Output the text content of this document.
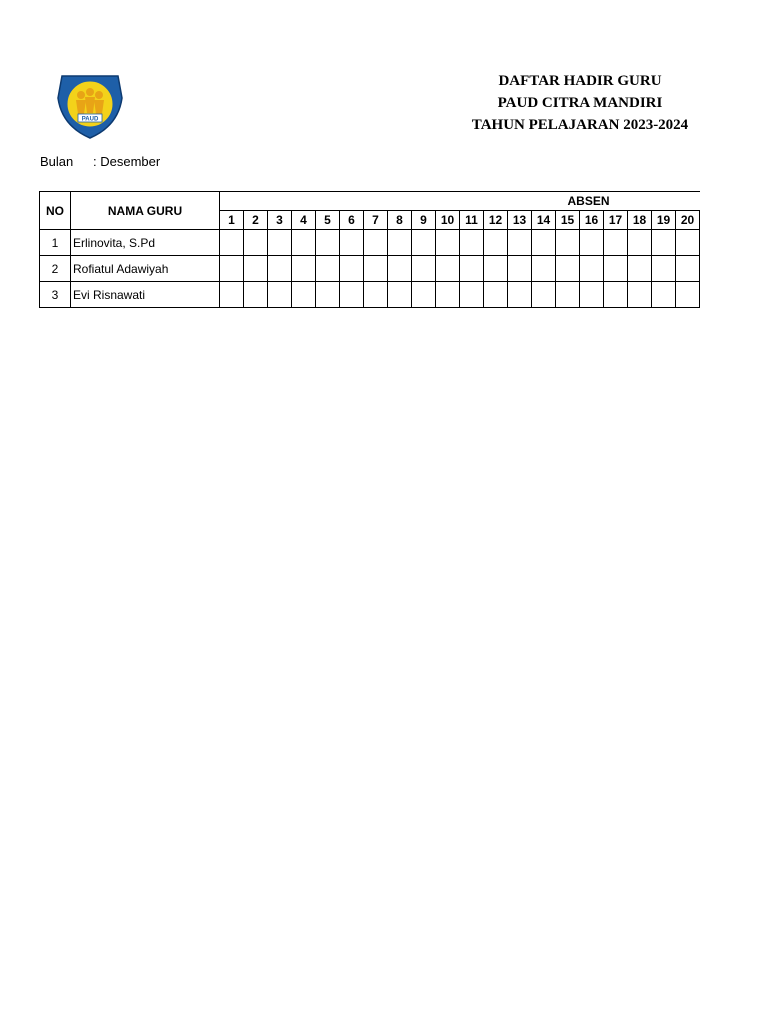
PAUD
DAFTAR HADIR GURU
PAUD CITRA MANDIRI
TAHUN PELAJARAN 2023-2024
Bulan : Desember
NO	NAMA GURU	ABSEN																			
		1	2	3	4	5	6	7	8	9	10	11	12	13	14	15	16	17	18	19	20
1	Erlinovita, S.Pd																				
2	Rofiatul Adawiyah																				
3	Evi Risnawati																				
